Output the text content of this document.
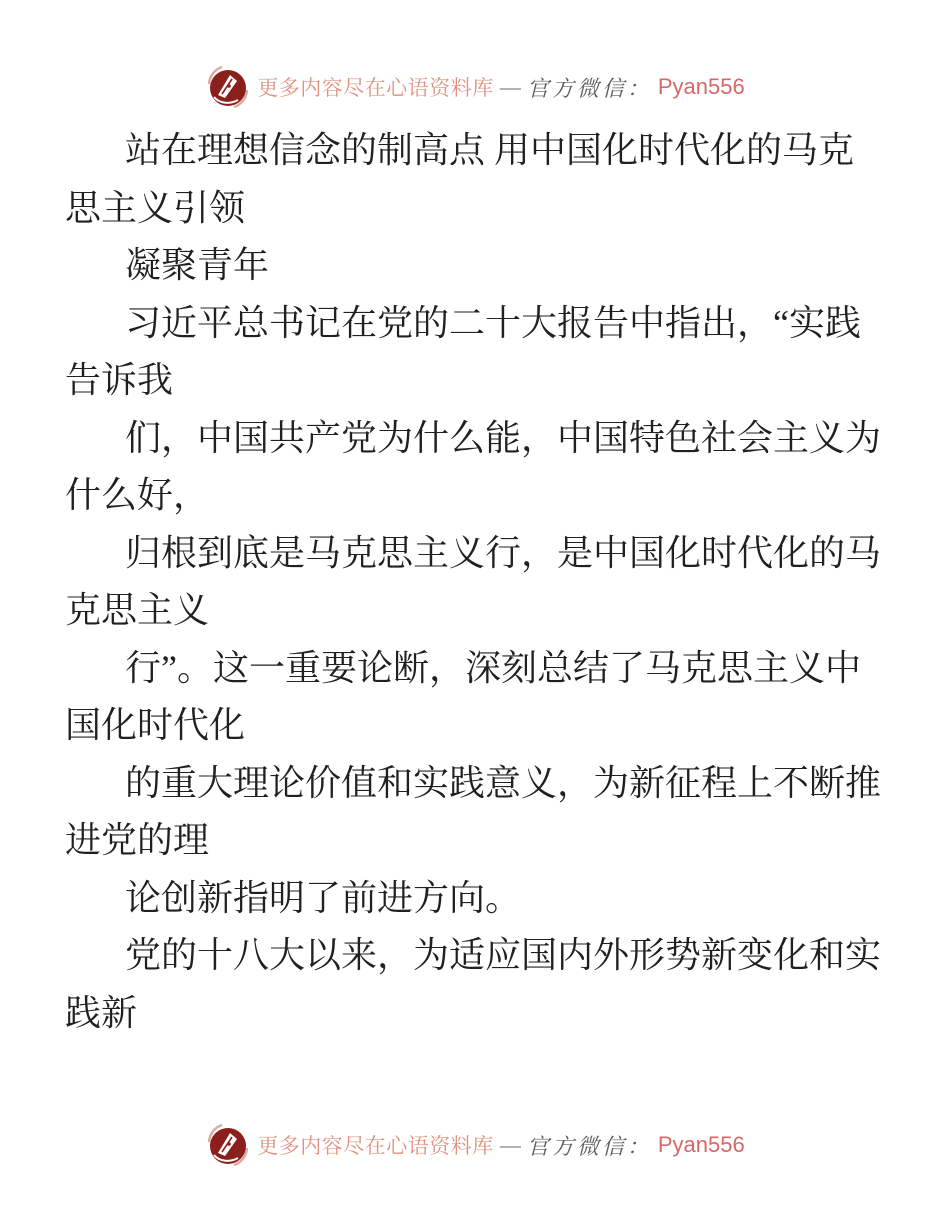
更多内容尽在心语资料库 — 官方微信： Pyan556
站在理想信念的制高点 用中国化时代化的马克
思主义引领
凝聚青年
习近平总书记在党的二十大报告中指出，“实践
告诉我
们，中国共产党为什么能，中国特色社会主义为
什么好，
归根到底是马克思主义行，是中国化时代化的马
克思主义
行”。这一重要论断，深刻总结了马克思主义中
国化时代化
的重大理论价值和实践意义，为新征程上不断推
进党的理
论创新指明了前进方向。
党的十八大以来，为适应国内外形势新变化和实
践新
更多内容尽在心语资料库 — 官方微信： Pyan556
